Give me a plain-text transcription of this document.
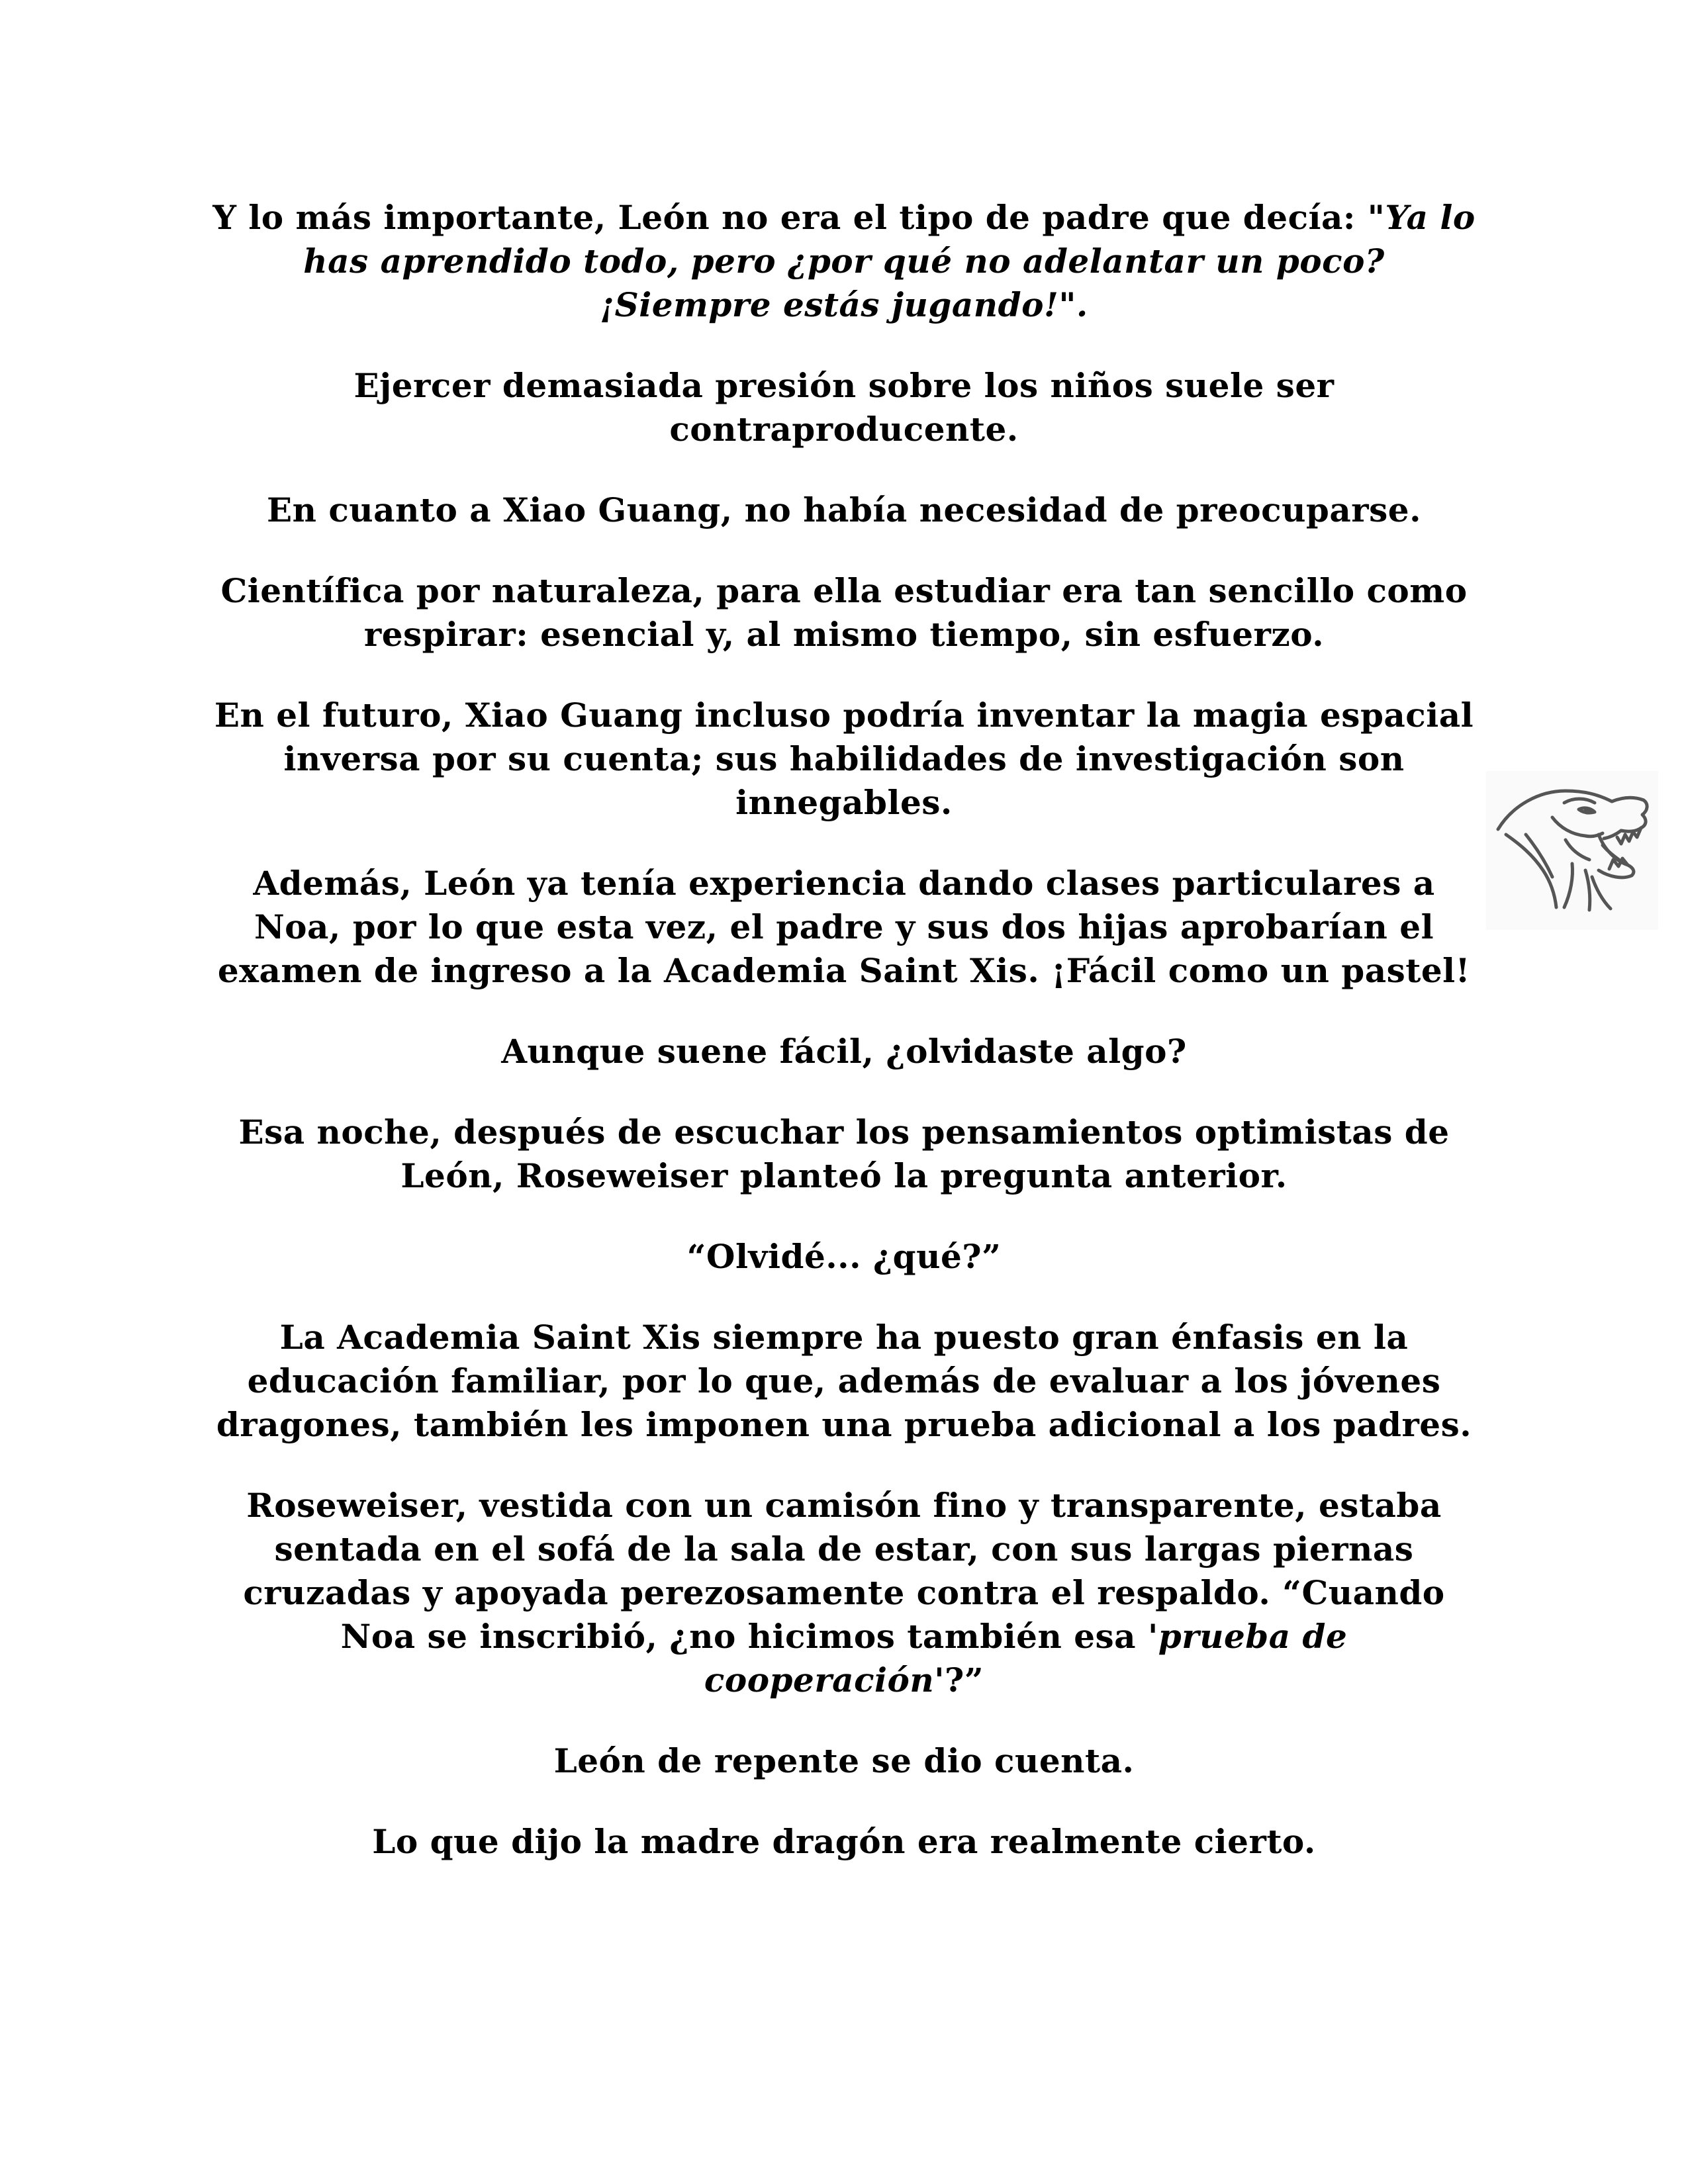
Y lo más importante, León no era el tipo de padre que decía: "Ya lo has aprendido todo, pero ¿por qué no adelantar un poco? ¡Siempre estás jugando!".

Ejercer demasiada presión sobre los niños suele ser contraproducente.

En cuanto a Xiao Guang, no había necesidad de preocuparse.

Científica por naturaleza, para ella estudiar era tan sencillo como respirar: esencial y, al mismo tiempo, sin esfuerzo.

En el futuro, Xiao Guang incluso podría inventar la magia espacial inversa por su cuenta; sus habilidades de investigación son innegables.

Además, León ya tenía experiencia dando clases particulares a Noa, por lo que esta vez, el padre y sus dos hijas aprobarían el examen de ingreso a la Academia Saint Xis. ¡Fácil como un pastel!

Aunque suene fácil, ¿olvidaste algo?

Esa noche, después de escuchar los pensamientos optimistas de León, Roseweiser planteó la pregunta anterior.

“Olvidé... ¿qué?”

La Academia Saint Xis siempre ha puesto gran énfasis en la educación familiar, por lo que, además de evaluar a los jóvenes dragones, también les imponen una prueba adicional a los padres.

Roseweiser, vestida con un camisón fino y transparente, estaba sentada en el sofá de la sala de estar, con sus largas piernas cruzadas y apoyada perezosamente contra el respaldo. “Cuando Noa se inscribió, ¿no hicimos también esa 'prueba de cooperación'?”

León de repente se dio cuenta.

Lo que dijo la madre dragón era realmente cierto.
